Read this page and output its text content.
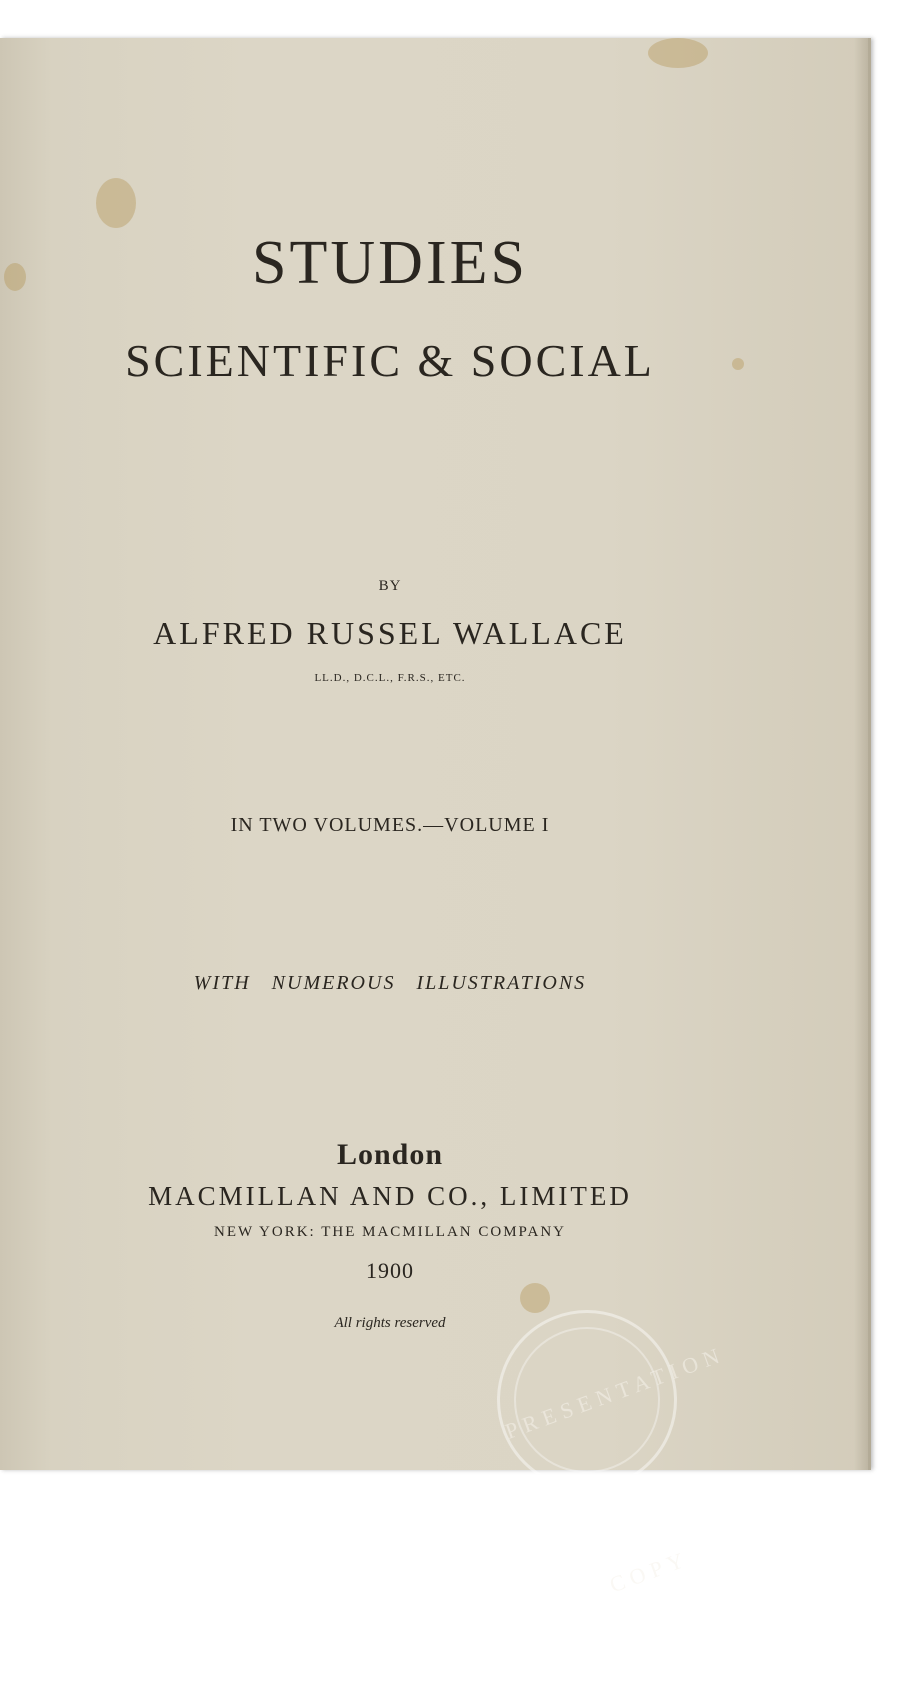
STUDIES
SCIENTIFIC & SOCIAL
BY
ALFRED RUSSEL WALLACE
LL.D., D.C.L., F.R.S., ETC.
IN TWO VOLUMES.—VOLUME I
WITH NUMEROUS ILLUSTRATIONS
London
MACMILLAN AND CO., LIMITED
NEW YORK: THE MACMILLAN COMPANY
1900
All rights reserved
PRESENTATION COPY
